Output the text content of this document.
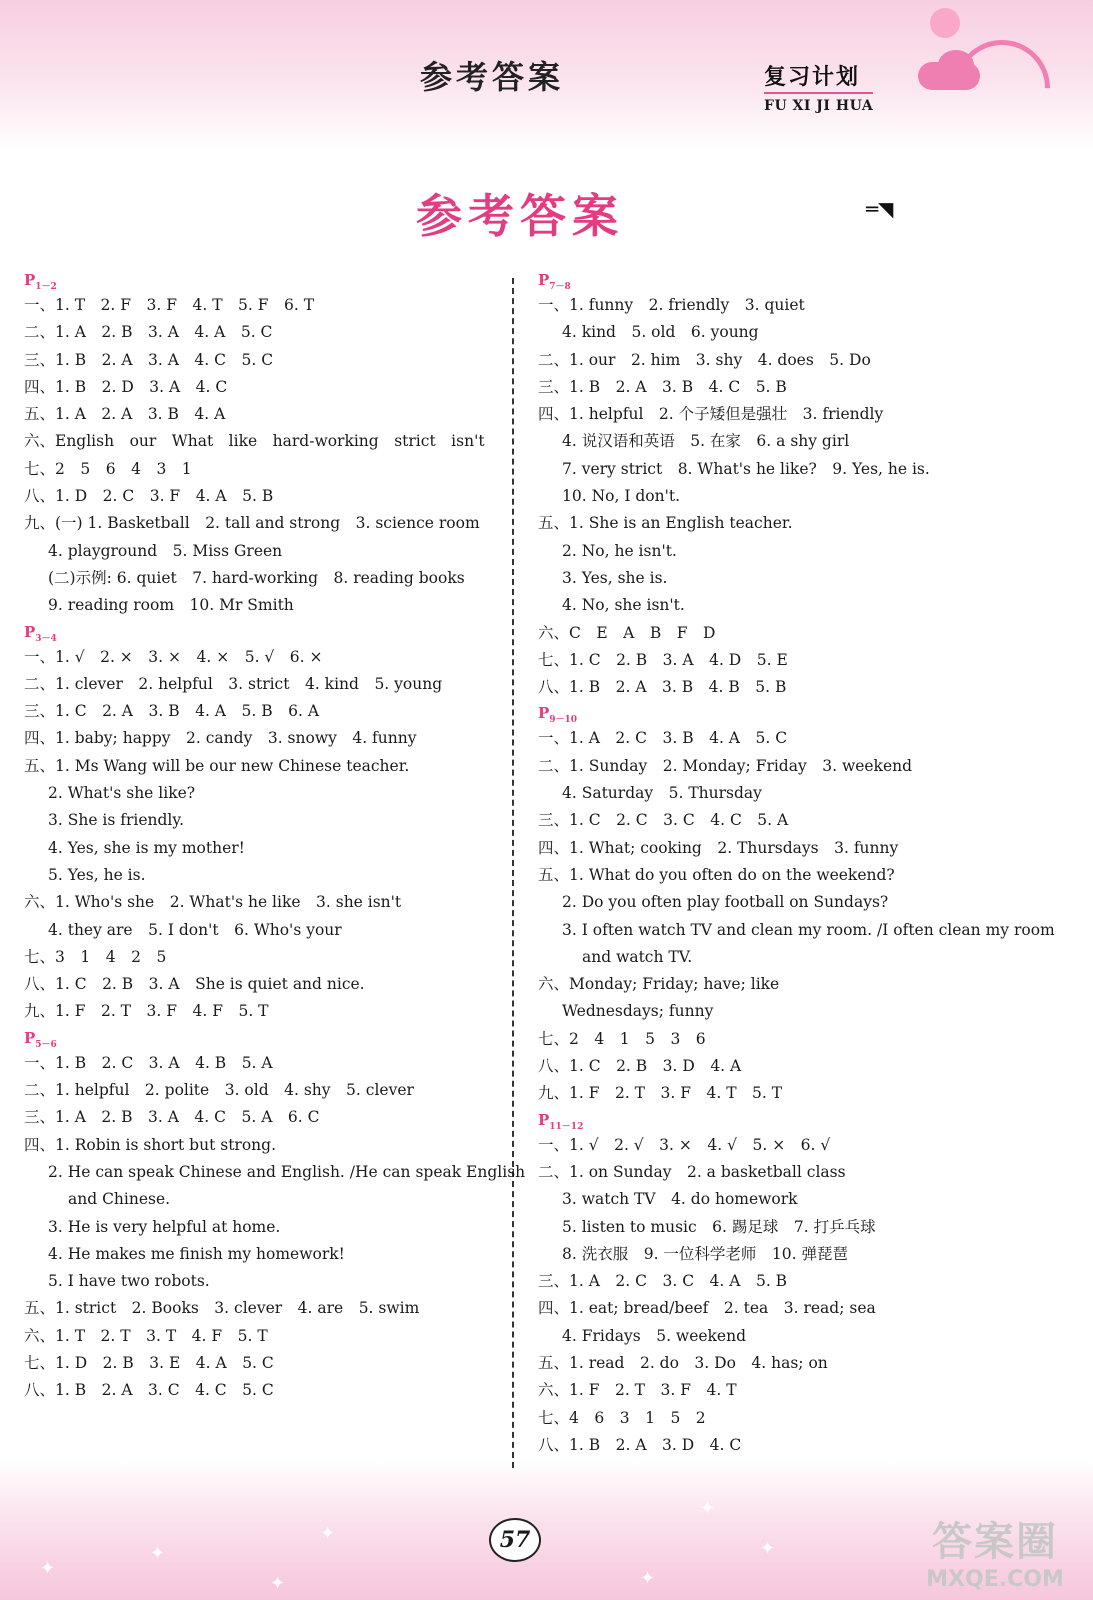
✦
✦
✦
✦	✦
✦
✦
参考答案	复习计划
FU XI JI HUA
参考答案	═◥
$P_{1-2}$
一、1. T　2. F　3. F　4. T　5. F　6. T
二、1. A　2. B　3. A　4. A　5. C
三、1. B　2. A　3. A　4. C　5. C
四、1. B　2. D　3. A　4. C
五、1. A　2. A　3. B　4. A
六、English　our　What　like　hard-working　strict　isn't
七、2　5　6　4　3　1
八、1. D　2. C　3. F　4. A　5. B
九、(一) 1. Basketball　2. tall and strong　3. science room
4. playground　5. Miss Green
(二)示例: 6. quiet　7. hard-working　8. reading books
9. reading room　10. Mr Smith
$P_{3-4}$
一、1. √　2. ×　3. ×　4. ×　5. √　6. ×
二、1. clever　2. helpful　3. strict　4. kind　5. young
三、1. C　2. A　3. B　4. A　5. B　6. A
四、1. baby; happy　2. candy　3. snowy　4. funny
五、1. Ms Wang will be our new Chinese teacher.
2. What's she like?
3. She is friendly.
4. Yes, she is my mother!
5. Yes, he is.
六、1. Who's she　2. What's he like　3. she isn't
4. they are　5. I don't　6. Who's your
七、3　1　4　2　5
八、1. C　2. B　3. A　She is quiet and nice.
九、1. F　2. T　3. F　4. F　5. T
$P_{5-6}$
一、1. B　2. C　3. A　4. B　5. A
二、1. helpful　2. polite　3. old　4. shy　5. clever
三、1. A　2. B　3. A　4. C　5. A　6. C
四、1. Robin is short but strong.
2. He can speak Chinese and English. /He can speak English
and Chinese.
3. He is very helpful at home.
4. He makes me finish my homework!
5. I have two robots.
五、1. strict　2. Books　3. clever　4. are　5. swim
六、1. T　2. T　3. T　4. F　5. T
七、1. D　2. B　3. E　4. A　5. C
八、1. B　2. A　3. C　4. C　5. C
$P_{7-8}$
一、1. funny　2. friendly　3. quiet
4. kind　5. old　6. young
二、1. our　2. him　3. shy　4. does　5. Do
三、1. B　2. A　3. B　4. C　5. B
四、1. helpful　2. 个子矮但是强壮　3. friendly
4. 说汉语和英语　5. 在家　6. a shy girl
7. very strict　8. What's he like?　9. Yes, he is.
10. No, I don't.
五、1. She is an English teacher.
2. No, he isn't.
3. Yes, she is.
4. No, she isn't.
六、C　E　A　B　F　D
七、1. C　2. B　3. A　4. D　5. E
八、1. B　2. A　3. B　4. B　5. B
$P_{9-10}$
一、1. A　2. C　3. B　4. A　5. C
二、1. Sunday　2. Monday; Friday　3. weekend
4. Saturday　5. Thursday
三、1. C　2. C　3. C　4. C　5. A
四、1. What; cooking　2. Thursdays　3. funny
五、1. What do you often do on the weekend?
2. Do you often play football on Sundays?
3. I often watch TV and clean my room. /I often clean my room
and watch TV.
六、Monday; Friday; have; like
Wednesdays; funny
七、2　4　1　5　3　6
八、1. C　2. B　3. D　4. A
九、1. F　2. T　3. F　4. T　5. T
$P_{11-12}$
一、1. √　2. √　3. ×　4. √　5. ×　6. √
二、1. on Sunday　2. a basketball class
3. watch TV　4. do homework
5. listen to music　6. 踢足球　7. 打乒乓球
8. 洗衣服　9. 一位科学老师　10. 弹琵琶
三、1. A　2. C　3. C　4. A　5. B
四、1. eat; bread/beef　2. tea　3. read; sea
4. Fridays　5. weekend
五、1. read　2. do　3. Do　4. has; on
六、1. F　2. T　3. F　4. T
七、4　6　3　1　5　2
八、1. B　2. A　3. D　4. C
57	答案圈
MXQE.COM
